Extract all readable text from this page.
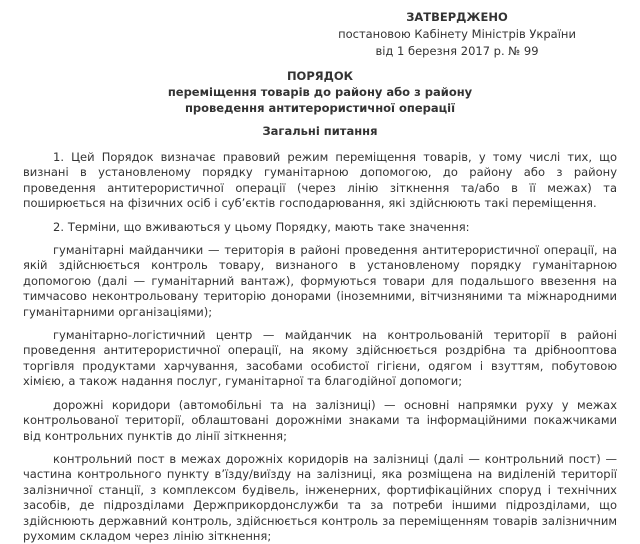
ЗАТВЕРДЖЕНО
постановою Кабінету Міністрів України
від 1 березня 2017 р. № 99
ПОРЯДОК
переміщення товарів до району або з району
проведення антитерористичної операції
Загальні питання

1. Цей Порядок визначає правовий режим переміщення товарів, у тому числі тих, що визнані в установленому порядку гуманітарною допомогою, до району або з району проведення антитерористичної операції (через лінію зіткнення та/або в її межах) та поширюється на фізичних осіб і суб’єктів господарювання, які здійснюють такі переміщення.

2. Терміни, що вживаються у цьому Порядку, мають таке значення:

гуманітарні майданчики — територія в районі проведення антитерористичної операції, на якій здійснюється контроль товару, визнаного в установленому порядку гуманітарною допомогою (далі — гуманітарний вантаж), формуються товари для подальшого ввезення на тимчасово неконтрольовану територію донорами (іноземними, вітчизняними та міжнародними гуманітарними організаціями);

гуманітарно-логістичний центр — майданчик на контрольованій території в районі проведення антитерористичної операції, на якому здійснюється роздрібна та дрібнооптова торгівля продуктами харчування, засобами особистої гігієни, одягом і взуттям, побутовою хімією, а також надання послуг, гуманітарної та благодійної допомоги;

дорожні коридори (автомобільні та на залізниці) — основні напрямки руху у межах контрольованої території, облаштовані дорожніми знаками та інформаційними покажчиками від контрольних пунктів до лінії зіткнення;

контрольний пост в межах дорожніх коридорів на залізниці (далі — контрольний пост) — частина контрольного пункту в’їзду/виїзду на залізниці, яка розміщена на виділеній території залізничної станції, з комплексом будівель, інженерних, фортифікаційних споруд і технічних засобів, де підрозділами Держприкордонслужби та за потреби іншими підрозділами, що здійснюють державний контроль, здійснюється контроль за переміщенням товарів залізничним рухомим складом через лінію зіткнення;
